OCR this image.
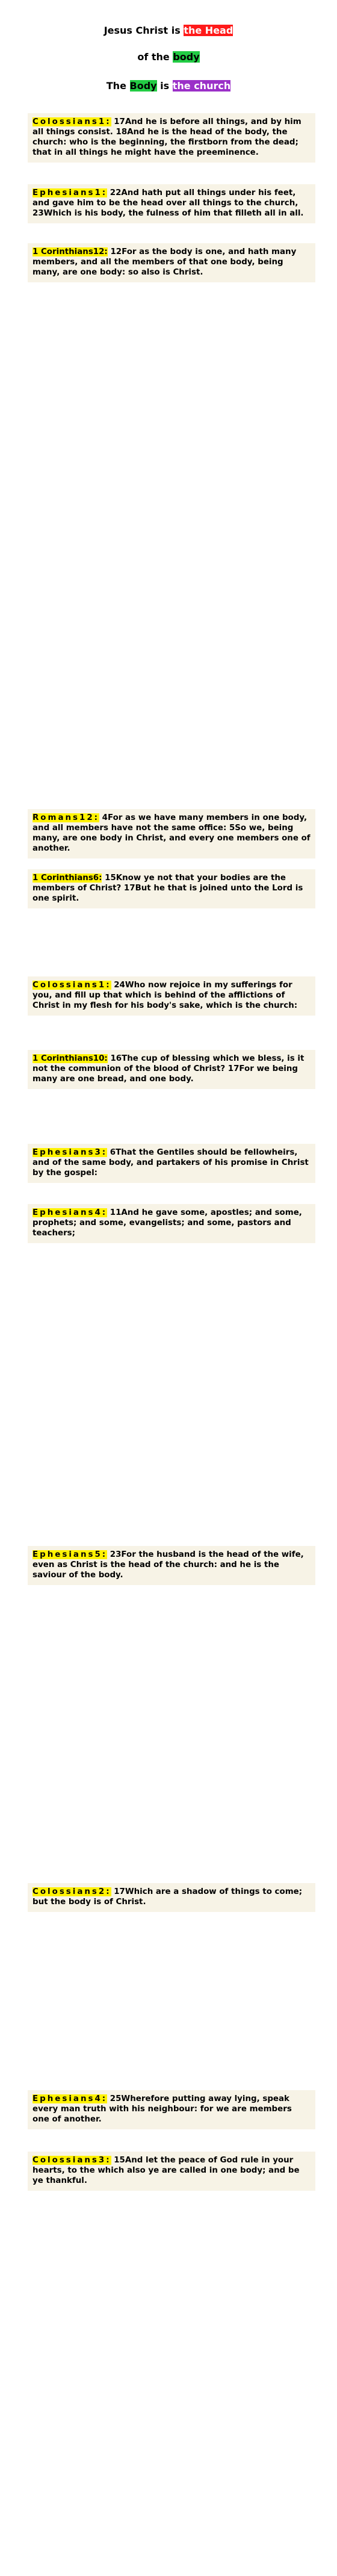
Jesus Christ is the Head
of the body
The Body is the church

Colossians1: 17And he is before all things, and by him all things consist. 18And he is the head of the body, the church: who is the beginning, the firstborn from the dead; that in all things he might have the preeminence.

Ephesians1: 22And hath put all things under his feet, and gave him to be the head over all things to the church, 23Which is his body, the fulness of him that filleth all in all.

1 Corinthians12: 12For as the body is one, and hath many members, and all the members of that one body, being many, are one body: so also is Christ.

Romans12: 4For as we have many members in one body, and all members have not the same office: 5So we, being many, are one body in Christ, and every one members one of another.

1 Corinthians6: 15Know ye not that your bodies are the members of Christ? 17But he that is joined unto the Lord is one spirit.

Colossians1: 24Who now rejoice in my sufferings for you, and fill up that which is behind of the afflictions of Christ in my flesh for his body's sake, which is the church:

1 Corinthians10: 16The cup of blessing which we bless, is it not the communion of the blood of Christ? 17For we being many are one bread, and one body.

Ephesians3: 6That the Gentiles should be fellowheirs, and of the same body, and partakers of his promise in Christ by the gospel:

Ephesians4: 11And he gave some, apostles; and some, prophets; and some, evangelists; and some, pastors and teachers;

Ephesians5: 23For the husband is the head of the wife, even as Christ is the head of the church: and he is the saviour of the body.

Colossians2: 17Which are a shadow of things to come; but the body is of Christ.

Ephesians4: 25Wherefore putting away lying, speak every man truth with his neighbour: for we are members one of another.

Colossians3: 15And let the peace of God rule in your hearts, to the which also ye are called in one body; and be ye thankful.
